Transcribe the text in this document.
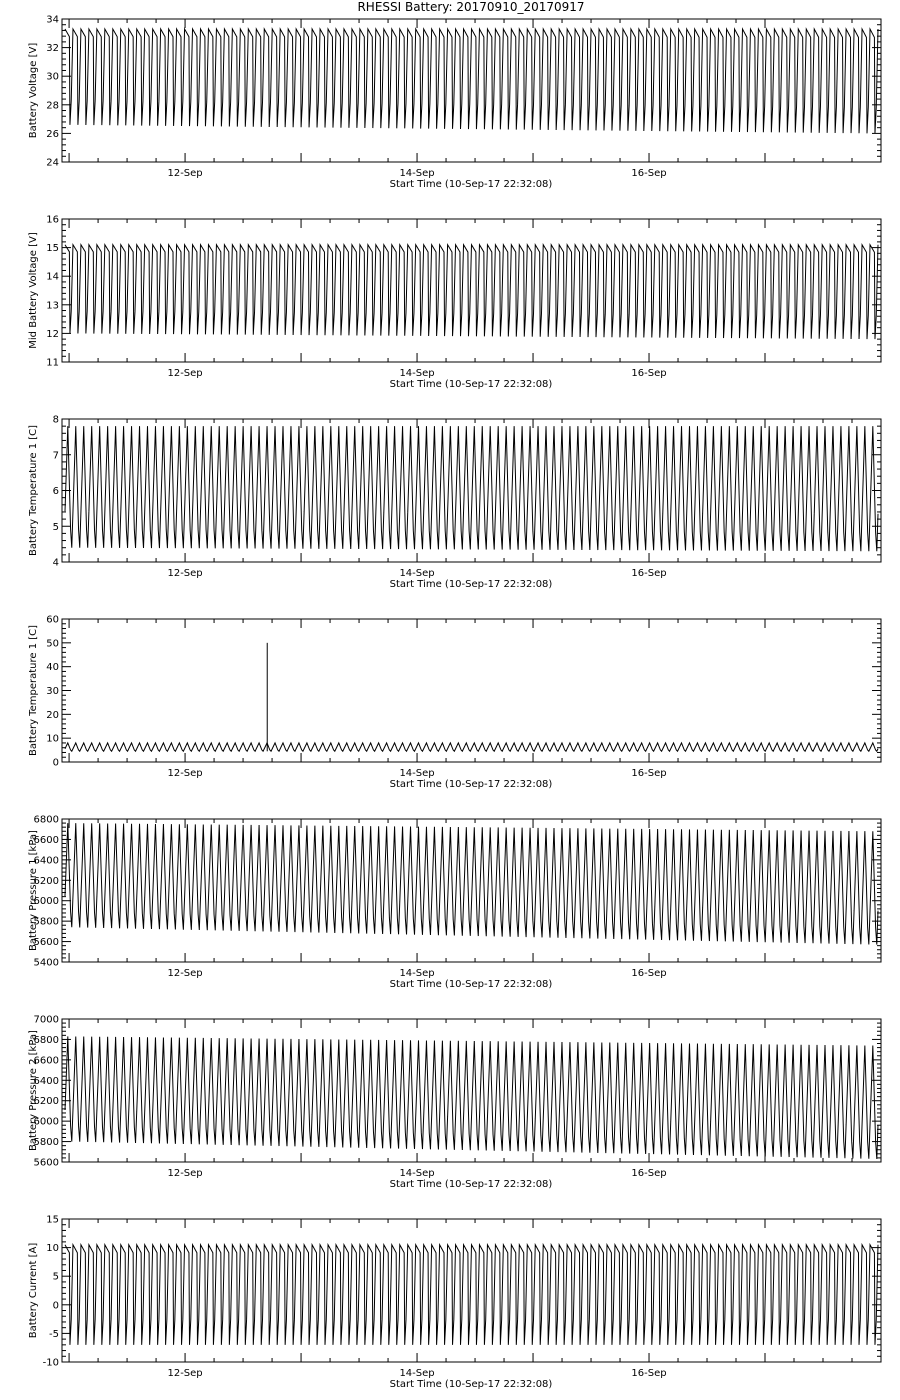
RHESSI Battery: 20170910_20170917
24
26
28
30
32
34
12-Sep	14-Sep	16-Sep
Start Time (10-Sep-17 22:32:08)
Battery Voltage [V]
11
12
13
14
15
16
12-Sep	14-Sep	16-Sep
Start Time (10-Sep-17 22:32:08)
Mid Battery Voltage [V]
4
5
6
7
8
12-Sep	14-Sep	16-Sep
Start Time (10-Sep-17 22:32:08)
Battery Temperature 1 [C]
0
10
20
30
40
50
60
12-Sep	14-Sep	16-Sep
Start Time (10-Sep-17 22:32:08)
Battery Temperature 1 [C]
5400
5600
5800
6000
6200
6400
6600
6800
12-Sep	14-Sep	16-Sep
Start Time (10-Sep-17 22:32:08)
Battery Pressure 1 [kPa]
5600
5800
6000
6200
6400
6600
6800
7000
12-Sep	14-Sep	16-Sep
Start Time (10-Sep-17 22:32:08)
Battery Pressure 2 [kPa]
-10
-5
0
5
10
15
12-Sep	14-Sep	16-Sep
Start Time (10-Sep-17 22:32:08)
Battery Current [A]
